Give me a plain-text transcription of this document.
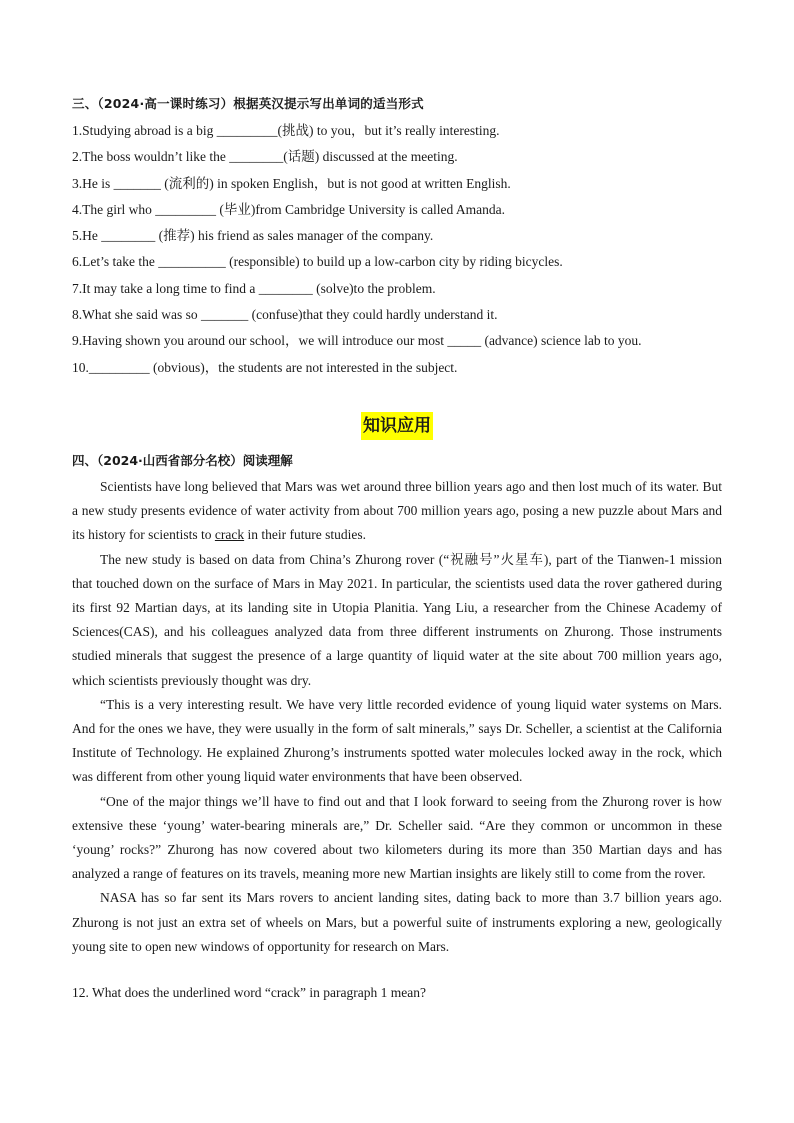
三、（2024·高一课时练习）根据英汉提示写出单词的适当形式
1.Studying abroad is a big _________(挑战) to you，but it’s really interesting.
2.The boss wouldn’t like the ________(话题) discussed at the meeting.
3.He is _______ (流利的) in spoken English，but is not good at written English.
4.The girl who _________ (毕业)from Cambridge University is called Amanda.
5.He ________ (推荐) his friend as sales manager of the company.
6.Let’s take the __________ (responsible) to build up a low-carbon city by riding bicycles.
7.It may take a long time to find a ________ (solve)to the problem.
8.What she said was so _______ (confuse)that they could hardly understand it.
9.Having shown you around our school，we will introduce our most _____ (advance) science lab to you.
10._________ (obvious)，the students are not interested in the subject.
知识应用
四、（2024·山西省部分名校）阅读理解

Scientists have long believed that Mars was wet around three billion years ago and then lost much of its water. But a new study presents evidence of water activity from about 700 million years ago, posing a new puzzle about Mars and its history for scientists to crack in their future studies.

The new study is based on data from China’s Zhurong rover (“祝融号”火星车), part of the Tianwen-1 mission that touched down on the surface of Mars in May 2021. In particular, the scientists used data the rover gathered during its first 92 Martian days, at its landing site in Utopia Planitia. Yang Liu, a researcher from the Chinese Academy of Sciences(CAS), and his colleagues analyzed data from three different instruments on Zhurong. Those instruments studied minerals that suggest the presence of a large quantity of liquid water at the site about 700 million years ago, which scientists previously thought was dry.

“This is a very interesting result. We have very little recorded evidence of young liquid water systems on Mars. And for the ones we have, they were usually in the form of salt minerals,” says Dr. Scheller, a scientist at the California Institute of Technology. He explained Zhurong’s instruments spotted water molecules locked away in the rock, which was different from other young liquid water environments that have been observed.

“One of the major things we’ll have to find out and that I look forward to seeing from the Zhurong rover is how extensive these ‘young’ water-bearing minerals are,” Dr. Scheller said. “Are they common or uncommon in these ‘young’ rocks?” Zhurong has now covered about two kilometers during its more than 350 Martian days and has analyzed a range of features on its travels, meaning more new Martian insights are likely still to come from the rover.

NASA has so far sent its Mars rovers to ancient landing sites, dating back to more than 3.7 billion years ago. Zhurong is not just an extra set of wheels on Mars, but a powerful suite of instruments exploring a new, geologically young site to open new windows of opportunity for research on Mars.

12. What does the underlined word “crack” in paragraph 1 mean?
